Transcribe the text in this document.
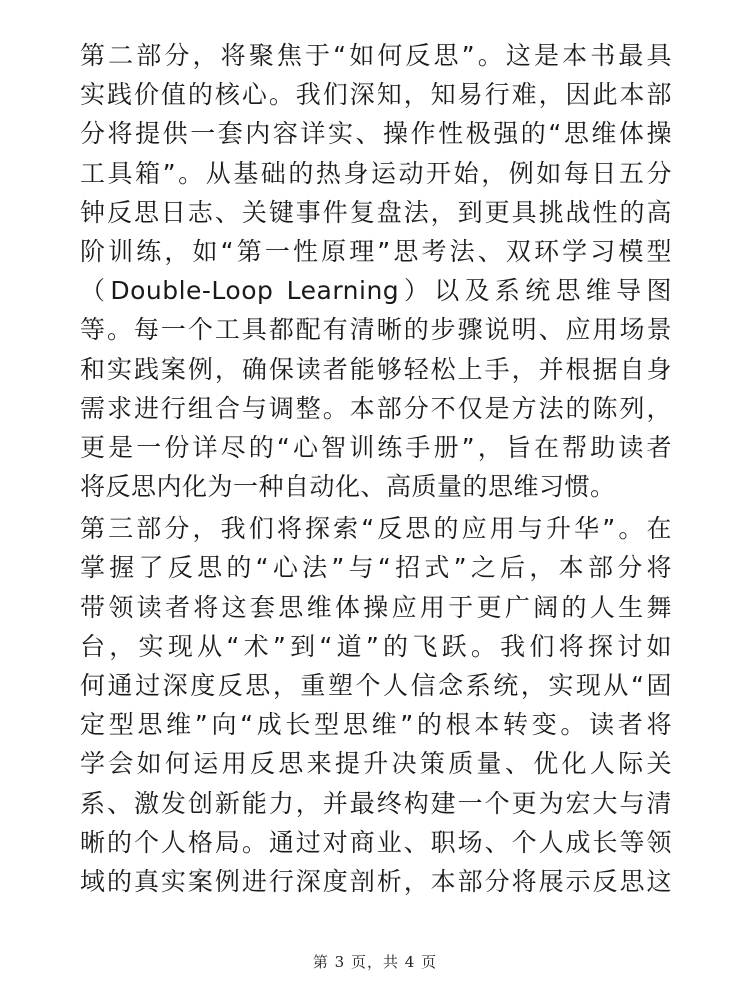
第二部分，将聚焦于“如何反思”。这是本书最具
实践价值的核心。我们深知，知易行难，因此本部
分将提供一套内容详实、操作性极强的“思维体操
工具箱”。从基础的热身运动开始，例如每日五分
钟反思日志、关键事件复盘法，到更具挑战性的高
阶训练，如“第一性原理”思考法、双环学习模型
（Double-Loop Learning）以及系统思维导图
等。每一个工具都配有清晰的步骤说明、应用场景
和实践案例，确保读者能够轻松上手，并根据自身
需求进行组合与调整。本部分不仅是方法的陈列，
更是一份详尽的“心智训练手册”，旨在帮助读者
将反思内化为一种自动化、高质量的思维习惯。
第三部分，我们将探索“反思的应用与升华”。在
掌握了反思的“心法”与“招式”之后，本部分将
带领读者将这套思维体操应用于更广阔的人生舞
台，实现从“术”到“道”的飞跃。我们将探讨如
何通过深度反思，重塑个人信念系统，实现从“固
定型思维”向“成长型思维”的根本转变。读者将
学会如何运用反思来提升决策质量、优化人际关
系、激发创新能力，并最终构建一个更为宏大与清
晰的个人格局。通过对商业、职场、个人成长等领
域的真实案例进行深度剖析，本部分将展示反思这
第 3 页，共 4 页
